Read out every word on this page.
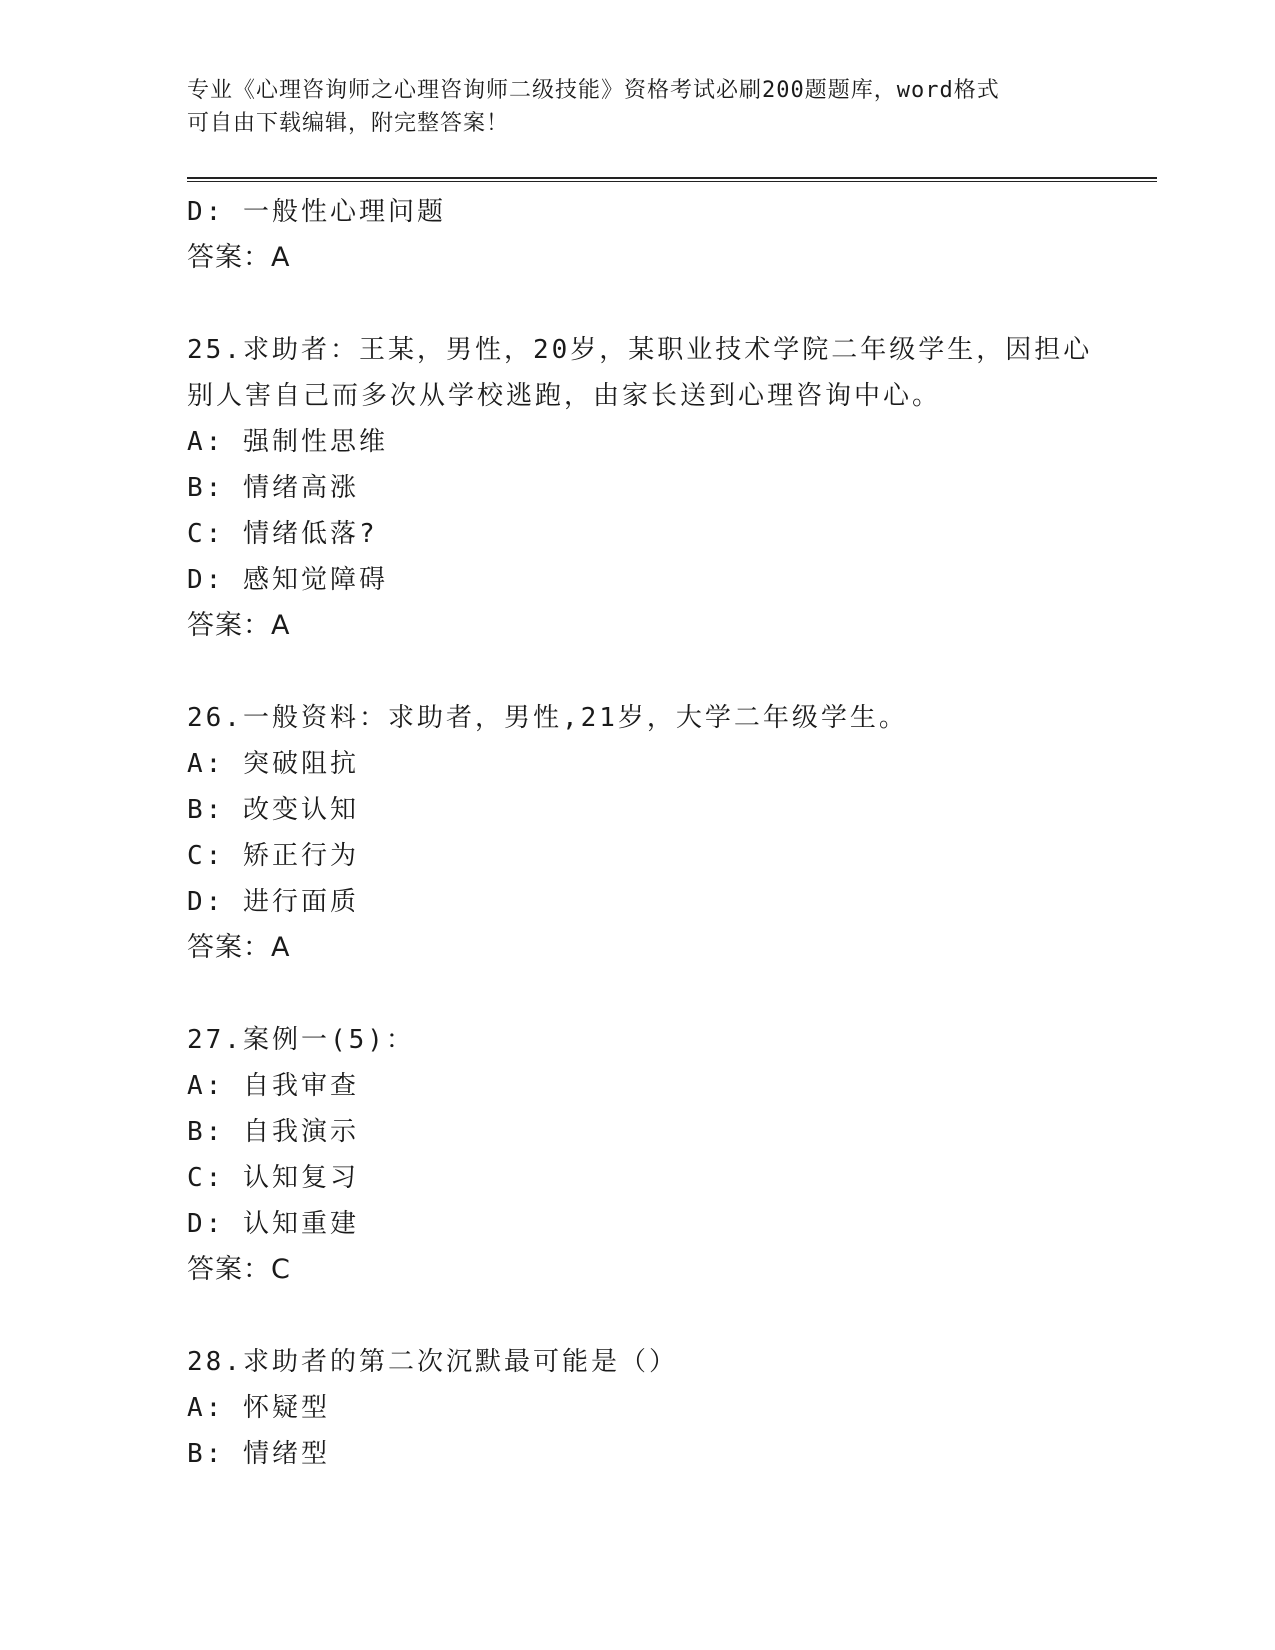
专业《心理咨询师之心理咨询师二级技能》资格考试必刷200题题库，word格式
可自由下载编辑，附完整答案！
D: 一般性心理问题
答案：A
25.求助者：王某，男性，20岁，某职业技术学院二年级学生，因担心
别人害自己而多次从学校逃跑，由家长送到心理咨询中心。
A: 强制性思维
B: 情绪高涨
C: 情绪低落?
D: 感知觉障碍
答案：A
26.一般资料：求助者，男性,21岁，大学二年级学生。
A: 突破阻抗
B: 改变认知
C: 矫正行为
D: 进行面质
答案：A
27.案例一(5)：
A: 自我审查
B: 自我演示
C: 认知复习
D: 认知重建
答案：C
28.求助者的第二次沉默最可能是（）
A: 怀疑型
B: 情绪型
